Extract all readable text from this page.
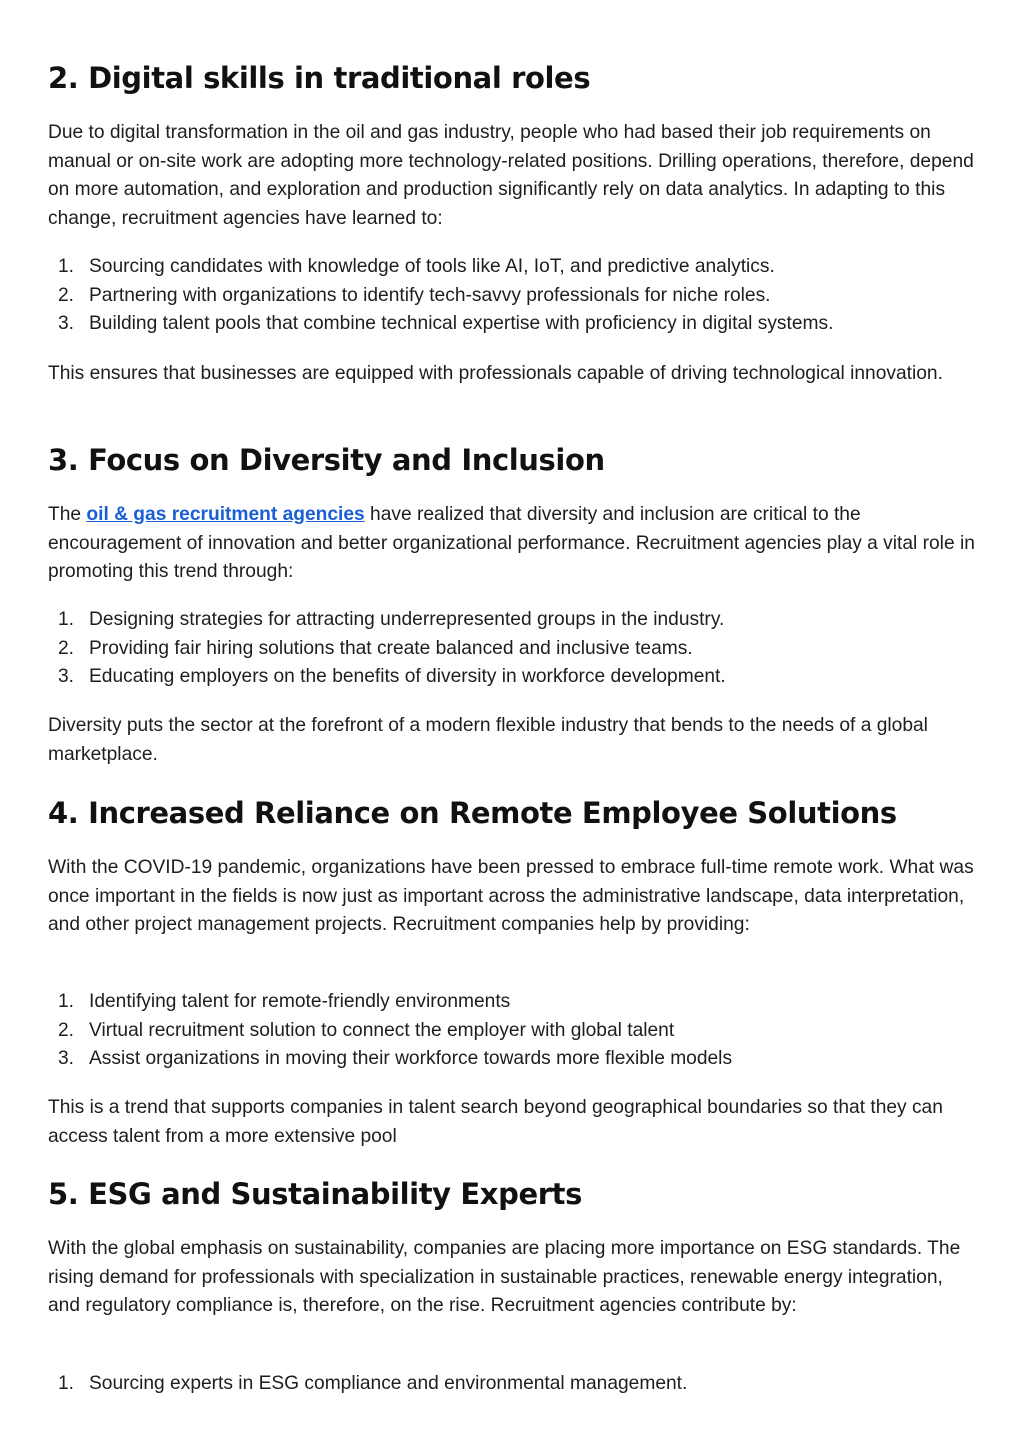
2. Digital skills in traditional roles

Due to digital transformation in the oil and gas industry, people who had based their job requirements on manual or on-site work are adopting more technology-related positions. Drilling operations, therefore, depend on more automation, and exploration and production significantly rely on data analytics. In adapting to this change, recruitment agencies have learned to:

1. Sourcing candidates with knowledge of tools like AI, IoT, and predictive analytics.
2. Partnering with organizations to identify tech-savvy professionals for niche roles.
3. Building talent pools that combine technical expertise with proficiency in digital systems.

This ensures that businesses are equipped with professionals capable of driving technological innovation.

3. Focus on Diversity and Inclusion

The oil & gas recruitment agencies have realized that diversity and inclusion are critical to the encouragement of innovation and better organizational performance. Recruitment agencies play a vital role in promoting this trend through:

1. Designing strategies for attracting underrepresented groups in the industry.
2. Providing fair hiring solutions that create balanced and inclusive teams.
3. Educating employers on the benefits of diversity in workforce development.

Diversity puts the sector at the forefront of a modern flexible industry that bends to the needs of a global marketplace.

4. Increased Reliance on Remote Employee Solutions

With the COVID-19 pandemic, organizations have been pressed to embrace full-time remote work. What was once important in the fields is now just as important across the administrative landscape, data interpretation, and other project management projects. Recruitment companies help by providing:

1. Identifying talent for remote-friendly environments
2. Virtual recruitment solution to connect the employer with global talent
3. Assist organizations in moving their workforce towards more flexible models

This is a trend that supports companies in talent search beyond geographical boundaries so that they can access talent from a more extensive pool

5. ESG and Sustainability Experts

With the global emphasis on sustainability, companies are placing more importance on ESG standards. The rising demand for professionals with specialization in sustainable practices, renewable energy integration, and regulatory compliance is, therefore, on the rise. Recruitment agencies contribute by:

1. Sourcing experts in ESG compliance and environmental management.
